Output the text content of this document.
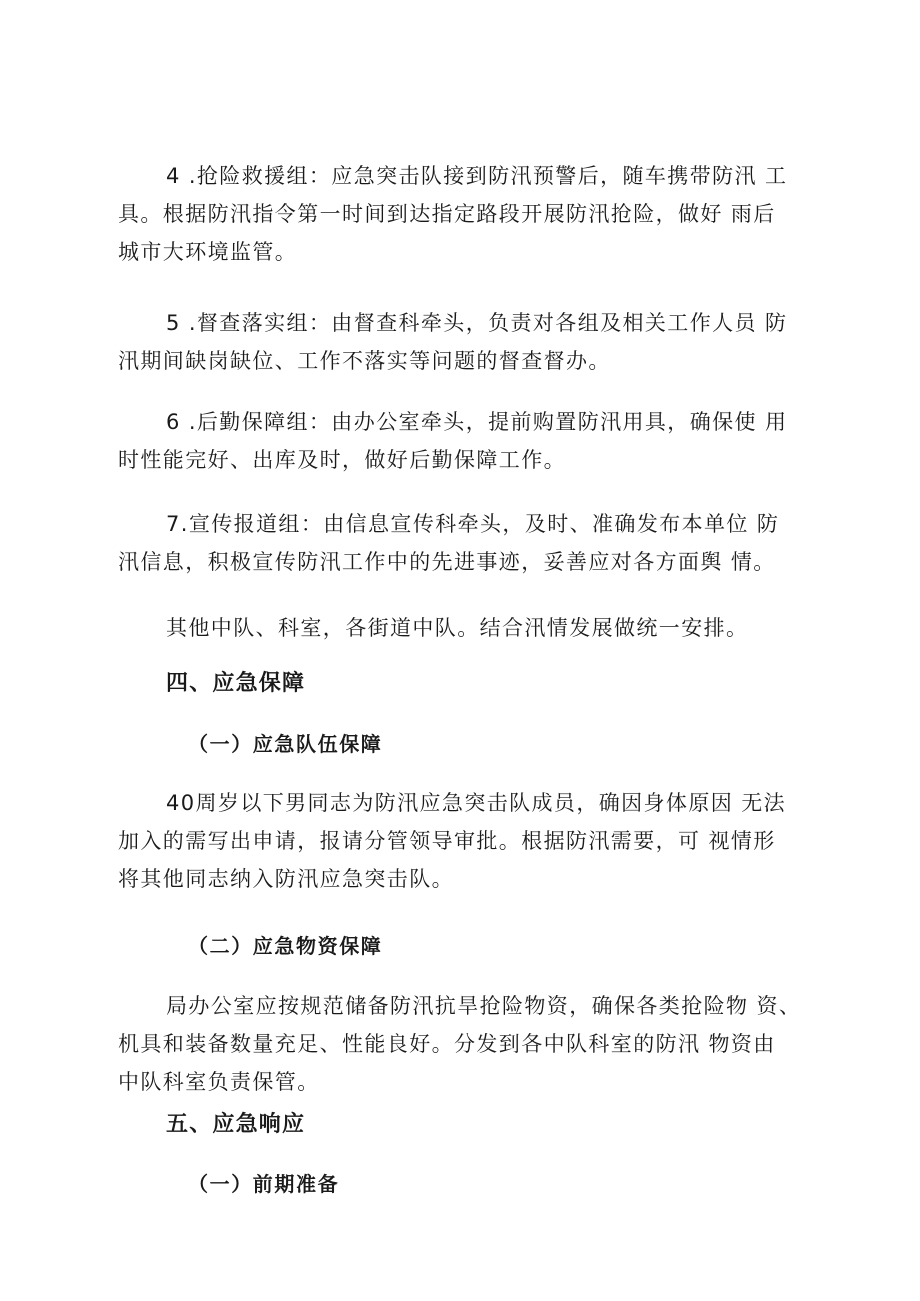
4 .抢险救援组：应急突击队接到防汛预警后，随车携带防汛 工
具。根据防汛指令第一时间到达指定路段开展防汛抢险，做好 雨后
城市大环境监管。
5 .督查落实组：由督查科牵头，负责对各组及相关工作人员 防
汛期间缺岗缺位、工作不落实等问题的督查督办。
6 .后勤保障组：由办公室牵头，提前购置防汛用具，确保使 用
时性能完好、出库及时，做好后勤保障工作。
7.宣传报道组：由信息宣传科牵头，及时、准确发布本单位 防
汛信息，积极宣传防汛工作中的先进事迹，妥善应对各方面舆 情。
其他中队、科室，各街道中队。结合汛情发展做统一安排。
四、应急保障
（一）应急队伍保障
40周岁以下男同志为防汛应急突击队成员，确因身体原因 无法
加入的需写出申请，报请分管领导审批。根据防汛需要，可 视情形
将其他同志纳入防汛应急突击队。
（二）应急物资保障
局办公室应按规范储备防汛抗旱抢险物资，确保各类抢险物 资、
机具和装备数量充足、性能良好。分发到各中队科室的防汛 物资由
中队科室负责保管。
五、应急响应
（一）前期准备
